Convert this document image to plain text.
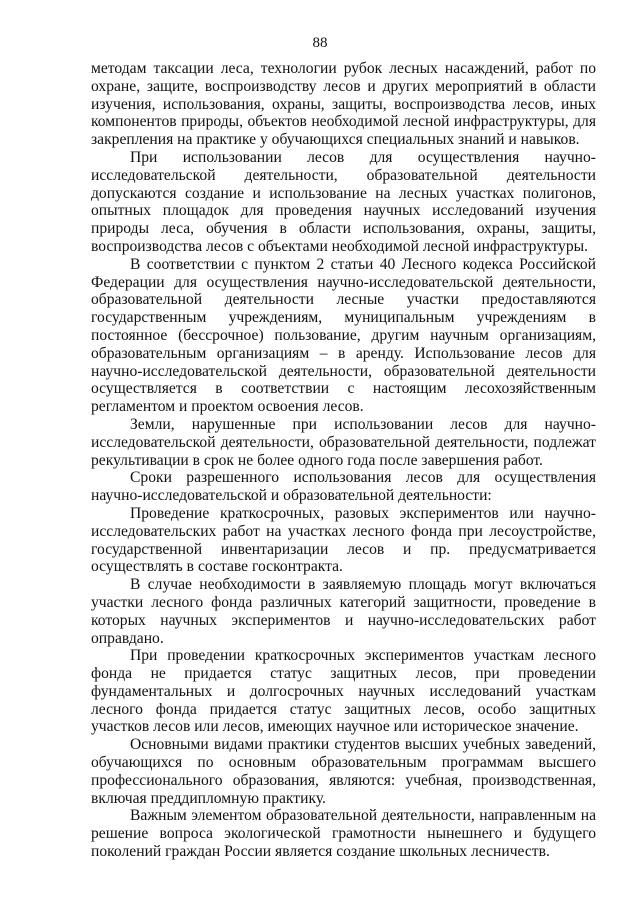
88

методам таксации леса, технологии рубок лесных насаждений, работ по охране, защите, воспроизводству лесов и других мероприятий в области изучения, использования, охраны, защиты, воспроизводства лесов, иных компонентов природы, объектов необходимой лесной инфраструктуры, для закрепления на практике у обучающихся специальных знаний и навыков.

При использовании лесов для осуществления научно-исследовательской деятельности, образовательной деятельности допускаются создание и использование на лесных участках полигонов, опытных площадок для проведения научных исследований изучения природы леса, обучения в области использования, охраны, защиты, воспроизводства лесов с объектами необходимой лесной инфраструктуры.

В соответствии с пунктом 2 статьи 40 Лесного кодекса Российской Федерации для осуществления научно-исследовательской деятельности, образовательной деятельности лесные участки предоставляются государственным учреждениям, муниципальным учреждениям в постоянное (бессрочное) пользование, другим научным организациям, образовательным организациям – в аренду. Использование лесов для научно-исследовательской деятельности, образовательной деятельности осуществляется в соответствии с настоящим лесохозяйственным регламентом и проектом освоения лесов.

Земли, нарушенные при использовании лесов для научно-исследовательской деятельности, образовательной деятельности, подлежат рекультивации в срок не более одного года после завершения работ.

Сроки разрешенного использования лесов для осуществления научно-исследовательской и образовательной деятельности:

Проведение краткосрочных, разовых экспериментов или научно-исследовательских работ на участках лесного фонда при лесоустройстве, государственной инвентаризации лесов и пр. предусматривается осуществлять в составе госконтракта.

В случае необходимости в заявляемую площадь могут включаться участки лесного фонда различных категорий защитности, проведение в которых научных экспериментов и научно-исследовательских работ оправдано.

При проведении краткосрочных экспериментов участкам лесного фонда не придается статус защитных лесов, при проведении фундаментальных и долгосрочных научных исследований участкам лесного фонда придается статус защитных лесов, особо защитных участков лесов или лесов, имеющих научное или историческое значение.

Основными видами практики студентов высших учебных заведений, обучающихся по основным образовательным программам высшего профессионального образования, являются: учебная, производственная, включая преддипломную практику.

Важным элементом образовательной деятельности, направленным на решение вопроса экологической грамотности нынешнего и будущего поколений граждан России является создание школьных лесничеств.
